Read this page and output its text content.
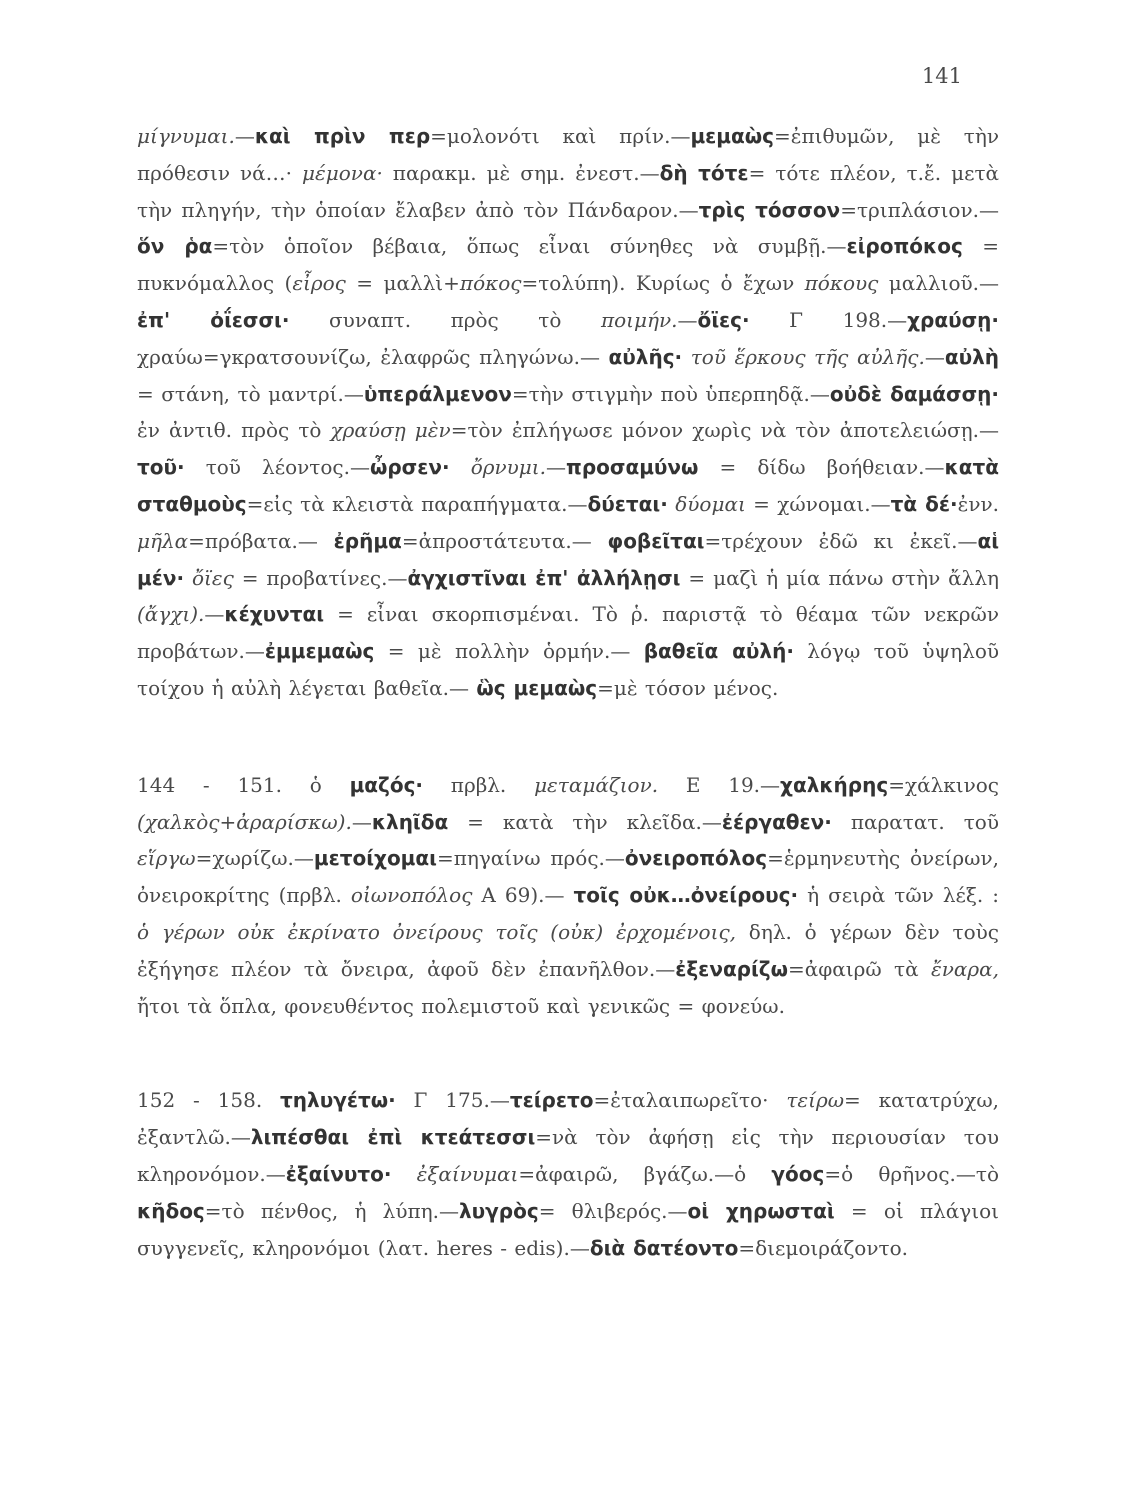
141

μίγνυμαι.—καὶ πρὶν περ=μολονότι καὶ πρίν.—μεμαὼς=ἐπιθυμῶν, μὲ τὴν πρόθεσιν νά…· μέμονα· παρακμ. μὲ σημ. ἐνεστ.—δὴ τότε= τότε πλέον, τ.ἔ. μετὰ τὴν πληγήν, τὴν ὁποίαν ἔλαβεν ἀπὸ τὸν Πάνδαρον.—τρὶς τόσσον=τριπλάσιον.—ὅν ῥα=τὸν ὁποῖον βέβαια, ὅπως εἶναι σύνηθες νὰ συμβῇ.—εἰροπόκος = πυκνόμαλλος (εἶρος = μαλλὶ+πόκος=τολύπη). Κυρίως ὁ ἔχων πόκους μαλλιοῦ.— ἐπ' ὀΐεσσι· συναπτ. πρὸς τὸ ποιμήν.—ὄϊες· Γ 198.—χραύσῃ· χραύω=γκρατσουνίζω, ἐλαφρῶς πληγώνω.— αὐλῆς· τοῦ ἕρκους τῆς αὐλῆς.—αὐλὴ = στάνη, τὸ μαντρί.—ὑπεράλμενον=τὴν στιγμὴν ποὺ ὑπερπηδᾷ.—οὐδὲ δαμάσσῃ· ἐν ἀντιθ. πρὸς τὸ χραύσῃ μὲν=τὸν ἐπλήγωσε μόνον χωρὶς νὰ τὸν ἀποτελειώσῃ.—τοῦ· τοῦ λέοντος.—ὦρσεν· ὄρνυμι.—προσαμύνω = δίδω βοήθειαν.—κατὰ σταθμοὺς=εἰς τὰ κλειστὰ παραπήγματα.—δύεται· δύομαι = χώνομαι.—τὰ δέ·ἐνν. μῆλα=πρόβατα.— ἐρῆμα=ἀπροστάτευτα.— φοβεῖται=τρέχουν ἐδῶ κι ἐκεῖ.—αἱ μέν· ὄϊες = προβατίνες.—ἀγχιστῖναι ἐπ' ἀλλήλῃσι = μαζὶ ἡ μία πάνω στὴν ἄλλη (ἄγχι).—κέχυνται = εἶναι σκορπισμέναι. Τὸ ῥ. παριστᾷ τὸ θέαμα τῶν νεκρῶν προβάτων.—ἐμμεμαὼς = μὲ πολλὴν ὁρμήν.— βαθεῖα αὐλή· λόγῳ τοῦ ὑψηλοῦ τοίχου ἡ αὐλὴ λέγεται βαθεῖα.— ὣς μεμαὼς=μὲ τόσον μένος.

144 - 151. ὁ μαζός· πρβλ. μεταμάζιον. Ε 19.—χαλκήρης=χάλκινος (χαλκὸς+ἀραρίσκω).—κληῖδα = κατὰ τὴν κλεῖδα.—ἐέργαθεν· παρατατ. τοῦ εἵργω=χωρίζω.—μετοίχομαι=πηγαίνω πρός.—ὀνειροπόλος=ἑρμηνευτὴς ὀνείρων, ὀνειροκρίτης (πρβλ. οἰωνοπόλος Α 69).— τοῖς οὐκ…ὀνείρους· ἡ σειρὰ τῶν λέξ. : ὁ γέρων οὐκ ἐκρίνατο ὀνείρους τοῖς (οὐκ) ἐρχομένοις, δηλ. ὁ γέρων δὲν τοὺς ἐξήγησε πλέον τὰ ὄνειρα, ἀφοῦ δὲν ἐπανῆλθον.—ἐξεναρίζω=ἀφαιρῶ τὰ ἔναρα, ἤτοι τὰ ὅπλα, φονευθέντος πολεμιστοῦ καὶ γενικῶς = φονεύω.

152 - 158. τηλυγέτω· Γ 175.—τείρετο=ἐταλαιπωρεῖτο· τείρω= κατατρύχω, ἐξαντλῶ.—λιπέσθαι ἐπὶ κτεάτεσσι=νὰ τὸν ἀφήσῃ εἰς τὴν περιουσίαν του κληρονόμον.—ἐξαίνυτο· ἐξαίνυμαι=ἀφαιρῶ, βγάζω.—ὁ γόος=ὁ θρῆνος.—τὸ κῆδος=τὸ πένθος, ἡ λύπη.—λυγρὸς= θλιβερός.—οἱ χηρωσταὶ = οἱ πλάγιοι συγγενεῖς, κληρονόμοι (λατ. heres - edis).—διὰ δατέοντο=διεμοιράζοντο.
